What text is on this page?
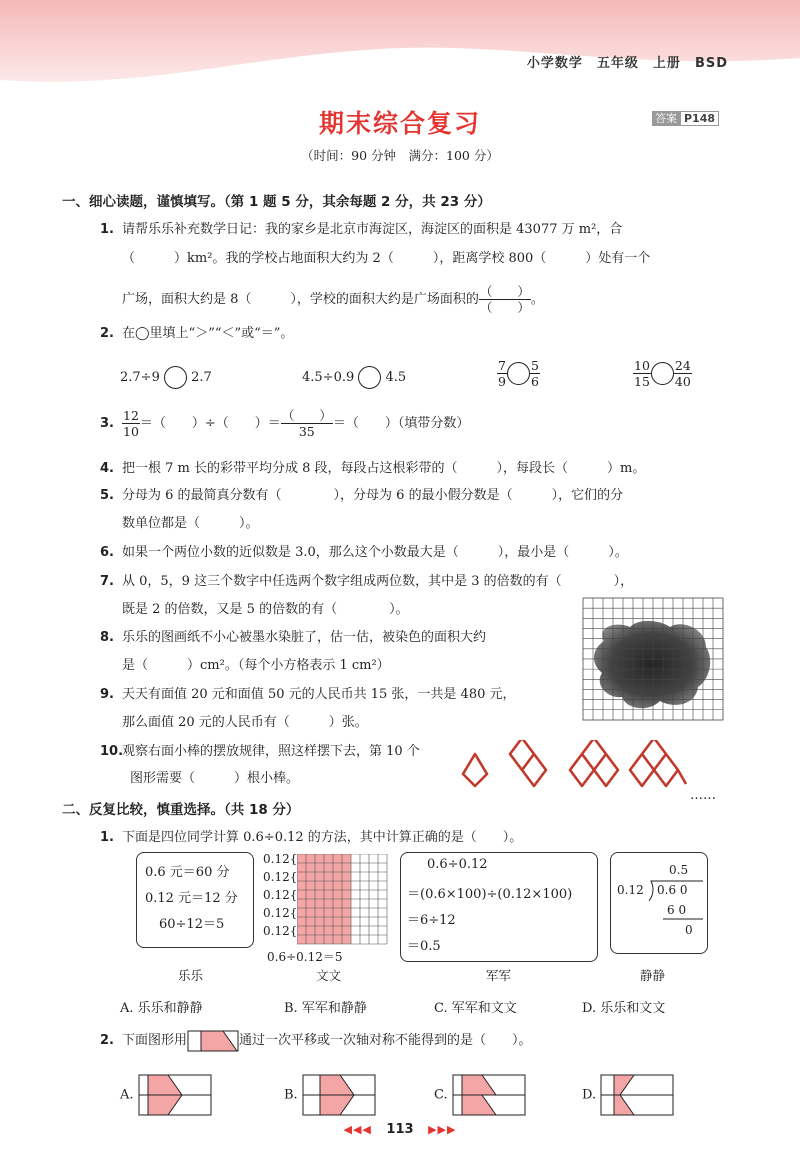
小学数学 五年级 上册 BSD
期末综合复习	答案 P148
（时间：90 分钟　满分：100 分）
一、细心读题，谨慎填写。（第 1 题 5 分，其余每题 2 分，共 23 分）
1. 请帮乐乐补充数学日记：我的家乡是北京市海淀区，海淀区的面积是 43077 万 m²，合
（　　　）km²。我的学校占地面积大约为 2（　　　），距离学校 800（　　　）处有一个
广场，面积大约是 8（　　　），学校的面积大约是广场面积的 $\frac{( )}{( )}$ 。
2. 在◯里填上“＞”“＜”或“＝”。
2.7÷9 2.7	4.5÷0.9 4.5	$\frac{7}{9} \frac{5}{6}$	$\frac{10}{15} \frac{24}{40}$
3. $\frac{12}{10}$ ＝（　　）÷（　　）＝ $\frac{( )}{35}$ ＝（　　）（填带分数）
4. 把一根 7 m 长的彩带平均分成 8 段，每段占这根彩带的（　　　），每段长（　　　）m。
5. 分母为 6 的最简真分数有（　　　　），分母为 6 的最小假分数是（　　　），它们的分
数单位都是（　　　）。
6. 如果一个两位小数的近似数是 3.0，那么这个小数最大是（　　　），最小是（　　　）。
7. 从 0，5，9 这三个数字中任选两个数字组成两位数，其中是 3 的倍数的有（　　　　），
既是 2 的倍数，又是 5 的倍数的有（　　　　）。
8. 乐乐的图画纸不小心被墨水染脏了，估一估，被染色的面积大约
是（　　　）cm²。（每个小方格表示 1 cm²）
9. 天天有面值 20 元和面值 50 元的人民币共 15 张，一共是 480 元，
那么面值 20 元的人民币有（　　　）张。
10.观察右面小棒的摆放规律，照这样摆下去，第 10 个
图形需要（　　　）根小棒。
……
二、反复比较，慎重选择。（共 18 分）
1. 下面是四位同学计算 0.6÷0.12 的方法，其中计算正确的是（　　）。
0.6 元＝60 分
0.12 元＝12 分
60÷12＝5
0.12{
0.12{
0.12{
0.12{
0.12{
0.6÷0.12＝5
0.6÷0.12
＝(0.6×100)÷(0.12×100)
＝6÷12
＝0.5
0.5
0.12 0.6 0
6 0
0
乐乐	文文	军军	静静
A. 乐乐和静静	B. 军军和静静	C. 军军和文文	D. 乐乐和文文
2. 下面图形用	通过一次平移或一次轴对称不能得到的是（　　）。
A.	B.	C.	D.
◀◀◀ 113 ▶▶▶
